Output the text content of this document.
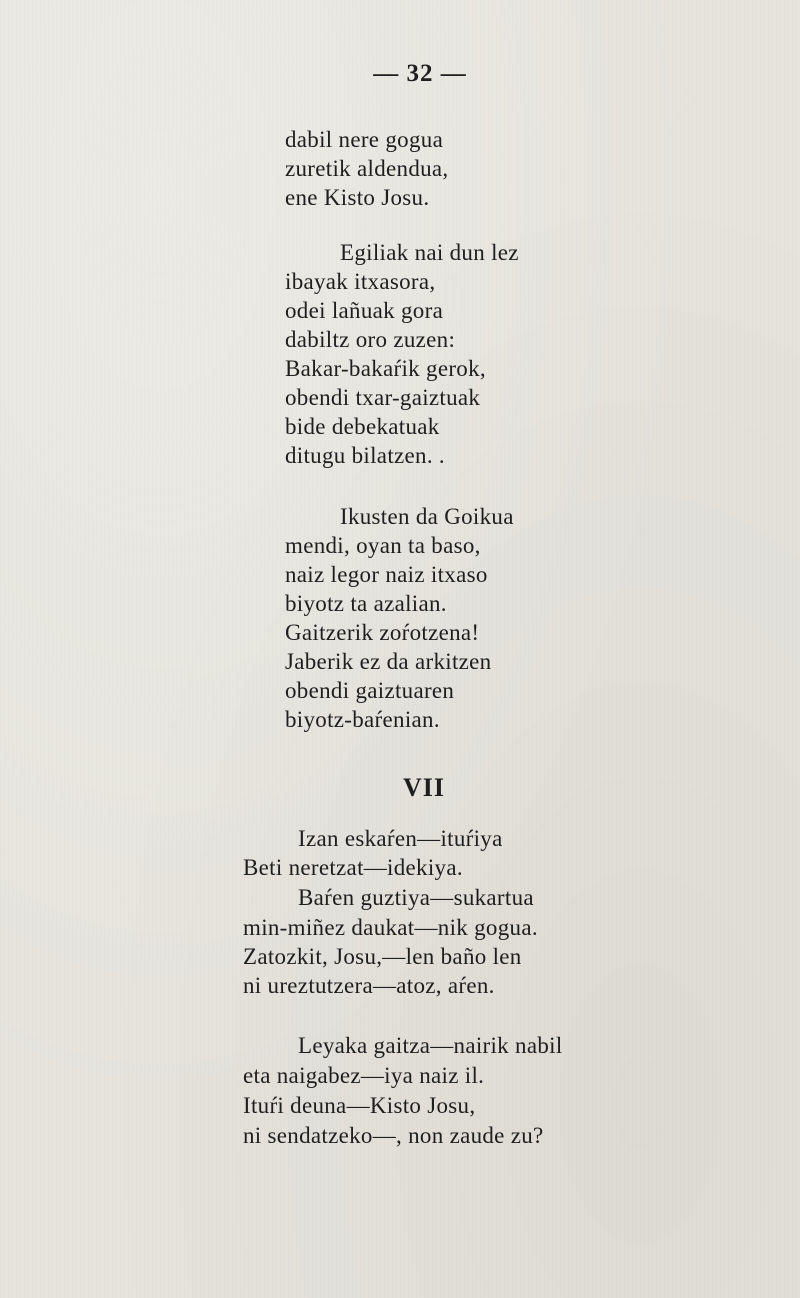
— 32 —
dabil nere gogua
zuretik aldendua,
ene Kisto Josu.
Egiliak nai dun lez
ibayak itxasora,
odei lañuak gora
dabiltz oro zuzen:
Bakar-bakaŕik gerok,
obendi txar-gaiztuak
bide debekatuak
ditugu bilatzen. .
Ikusten da Goikua
mendi, oyan ta baso,
naiz legor naiz itxaso
biyotz ta azalian.
Gaitzerik zoŕotzena!
Jaberik ez da arkitzen
obendi gaiztuaren
biyotz-baŕenian.
VII
Izan eskaŕen—ituŕiya
Beti neretzat—idekiya.
Baŕen guztiya—sukartua
min-miñez daukat—nik gogua.
Zatozkit, Josu,—len baño len
ni ureztutzera—atoz, aŕen.
Leyaka gaitza—nairik nabil
eta naigabez—iya naiz il.
Ituŕi deuna—Kisto Josu,
ni sendatzeko—, non zaude zu?
